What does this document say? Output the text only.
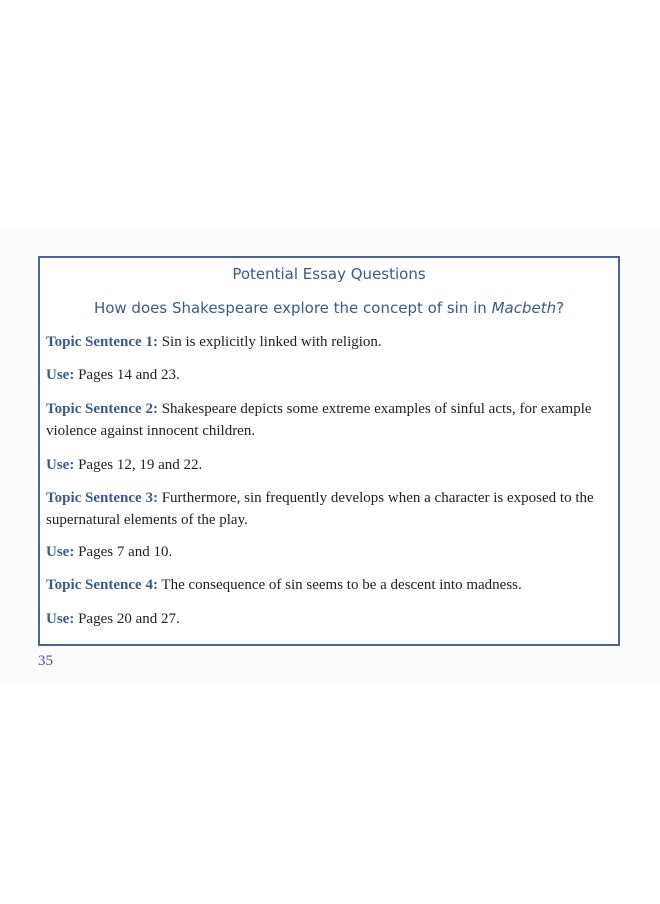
Potential Essay Questions
How does Shakespeare explore the concept of sin in Macbeth?
Topic Sentence 1: Sin is explicitly linked with religion.
Use: Pages 14 and 23.
Topic Sentence 2: Shakespeare depicts some extreme examples of sinful acts, for example violence against innocent children.
Use: Pages 12, 19 and 22.
Topic Sentence 3: Furthermore, sin frequently develops when a character is exposed to the supernatural elements of the play.
Use: Pages 7 and 10.
Topic Sentence 4: The consequence of sin seems to be a descent into madness.
Use: Pages 20 and 27.
35
